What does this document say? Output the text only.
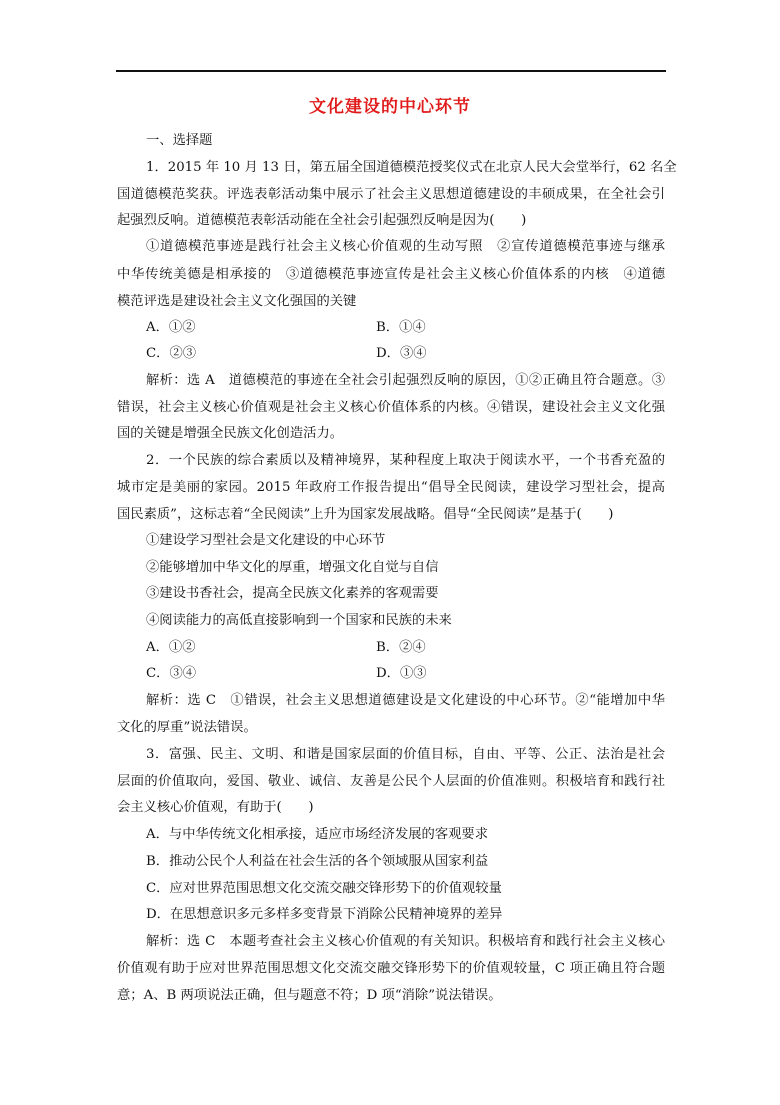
文化建设的中心环节
一、选择题
1．2015 年 10 月 13 日，第五届全国道德模范授奖仪式在北京人民大会堂举行，62 名全
国道德模范奖获。评选表彰活动集中展示了社会主义思想道德建设的丰硕成果，在全社会引
起强烈反响。道德模范表彰活动能在全社会引起强烈反响是因为(　　)
①道德模范事迹是践行社会主义核心价值观的生动写照　②宣传道德模范事迹与继承
中华传统美德是相承接的　③道德模范事迹宣传是社会主义核心价值体系的内核　④道德
模范评选是建设社会主义文化强国的关键
A．①②	B．①④
C．②③	D．③④
解析：选 A　道德模范的事迹在全社会引起强烈反响的原因，①②正确且符合题意。③
错误，社会主义核心价值观是社会主义核心价值体系的内核。④错误，建设社会主义文化强
国的关键是增强全民族文化创造活力。
2．一个民族的综合素质以及精神境界，某种程度上取决于阅读水平，一个书香充盈的
城市定是美丽的家园。2015 年政府工作报告提出“倡导全民阅读，建设学习型社会，提高
国民素质”，这标志着“全民阅读”上升为国家发展战略。倡导“全民阅读”是基于(　　)
①建设学习型社会是文化建设的中心环节
②能够增加中华文化的厚重，增强文化自觉与自信
③建设书香社会，提高全民族文化素养的客观需要
④阅读能力的高低直接影响到一个国家和民族的未来
A．①②	B．②④
C．③④	D．①③
解析：选 C　①错误，社会主义思想道德建设是文化建设的中心环节。②“能增加中华
文化的厚重”说法错误。
3．富强、民主、文明、和谐是国家层面的价值目标，自由、平等、公正、法治是社会
层面的价值取向，爱国、敬业、诚信、友善是公民个人层面的价值准则。积极培育和践行社
会主义核心价值观，有助于(　　)
A．与中华传统文化相承接，适应市场经济发展的客观要求
B．推动公民个人利益在社会生活的各个领域服从国家利益
C．应对世界范围思想文化交流交融交锋形势下的价值观较量
D．在思想意识多元多样多变背景下消除公民精神境界的差异
解析：选 C　本题考查社会主义核心价值观的有关知识。积极培育和践行社会主义核心
价值观有助于应对世界范围思想文化交流交融交锋形势下的价值观较量，C 项正确且符合题
意；A、B 两项说法正确，但与题意不符；D 项“消除”说法错误。
